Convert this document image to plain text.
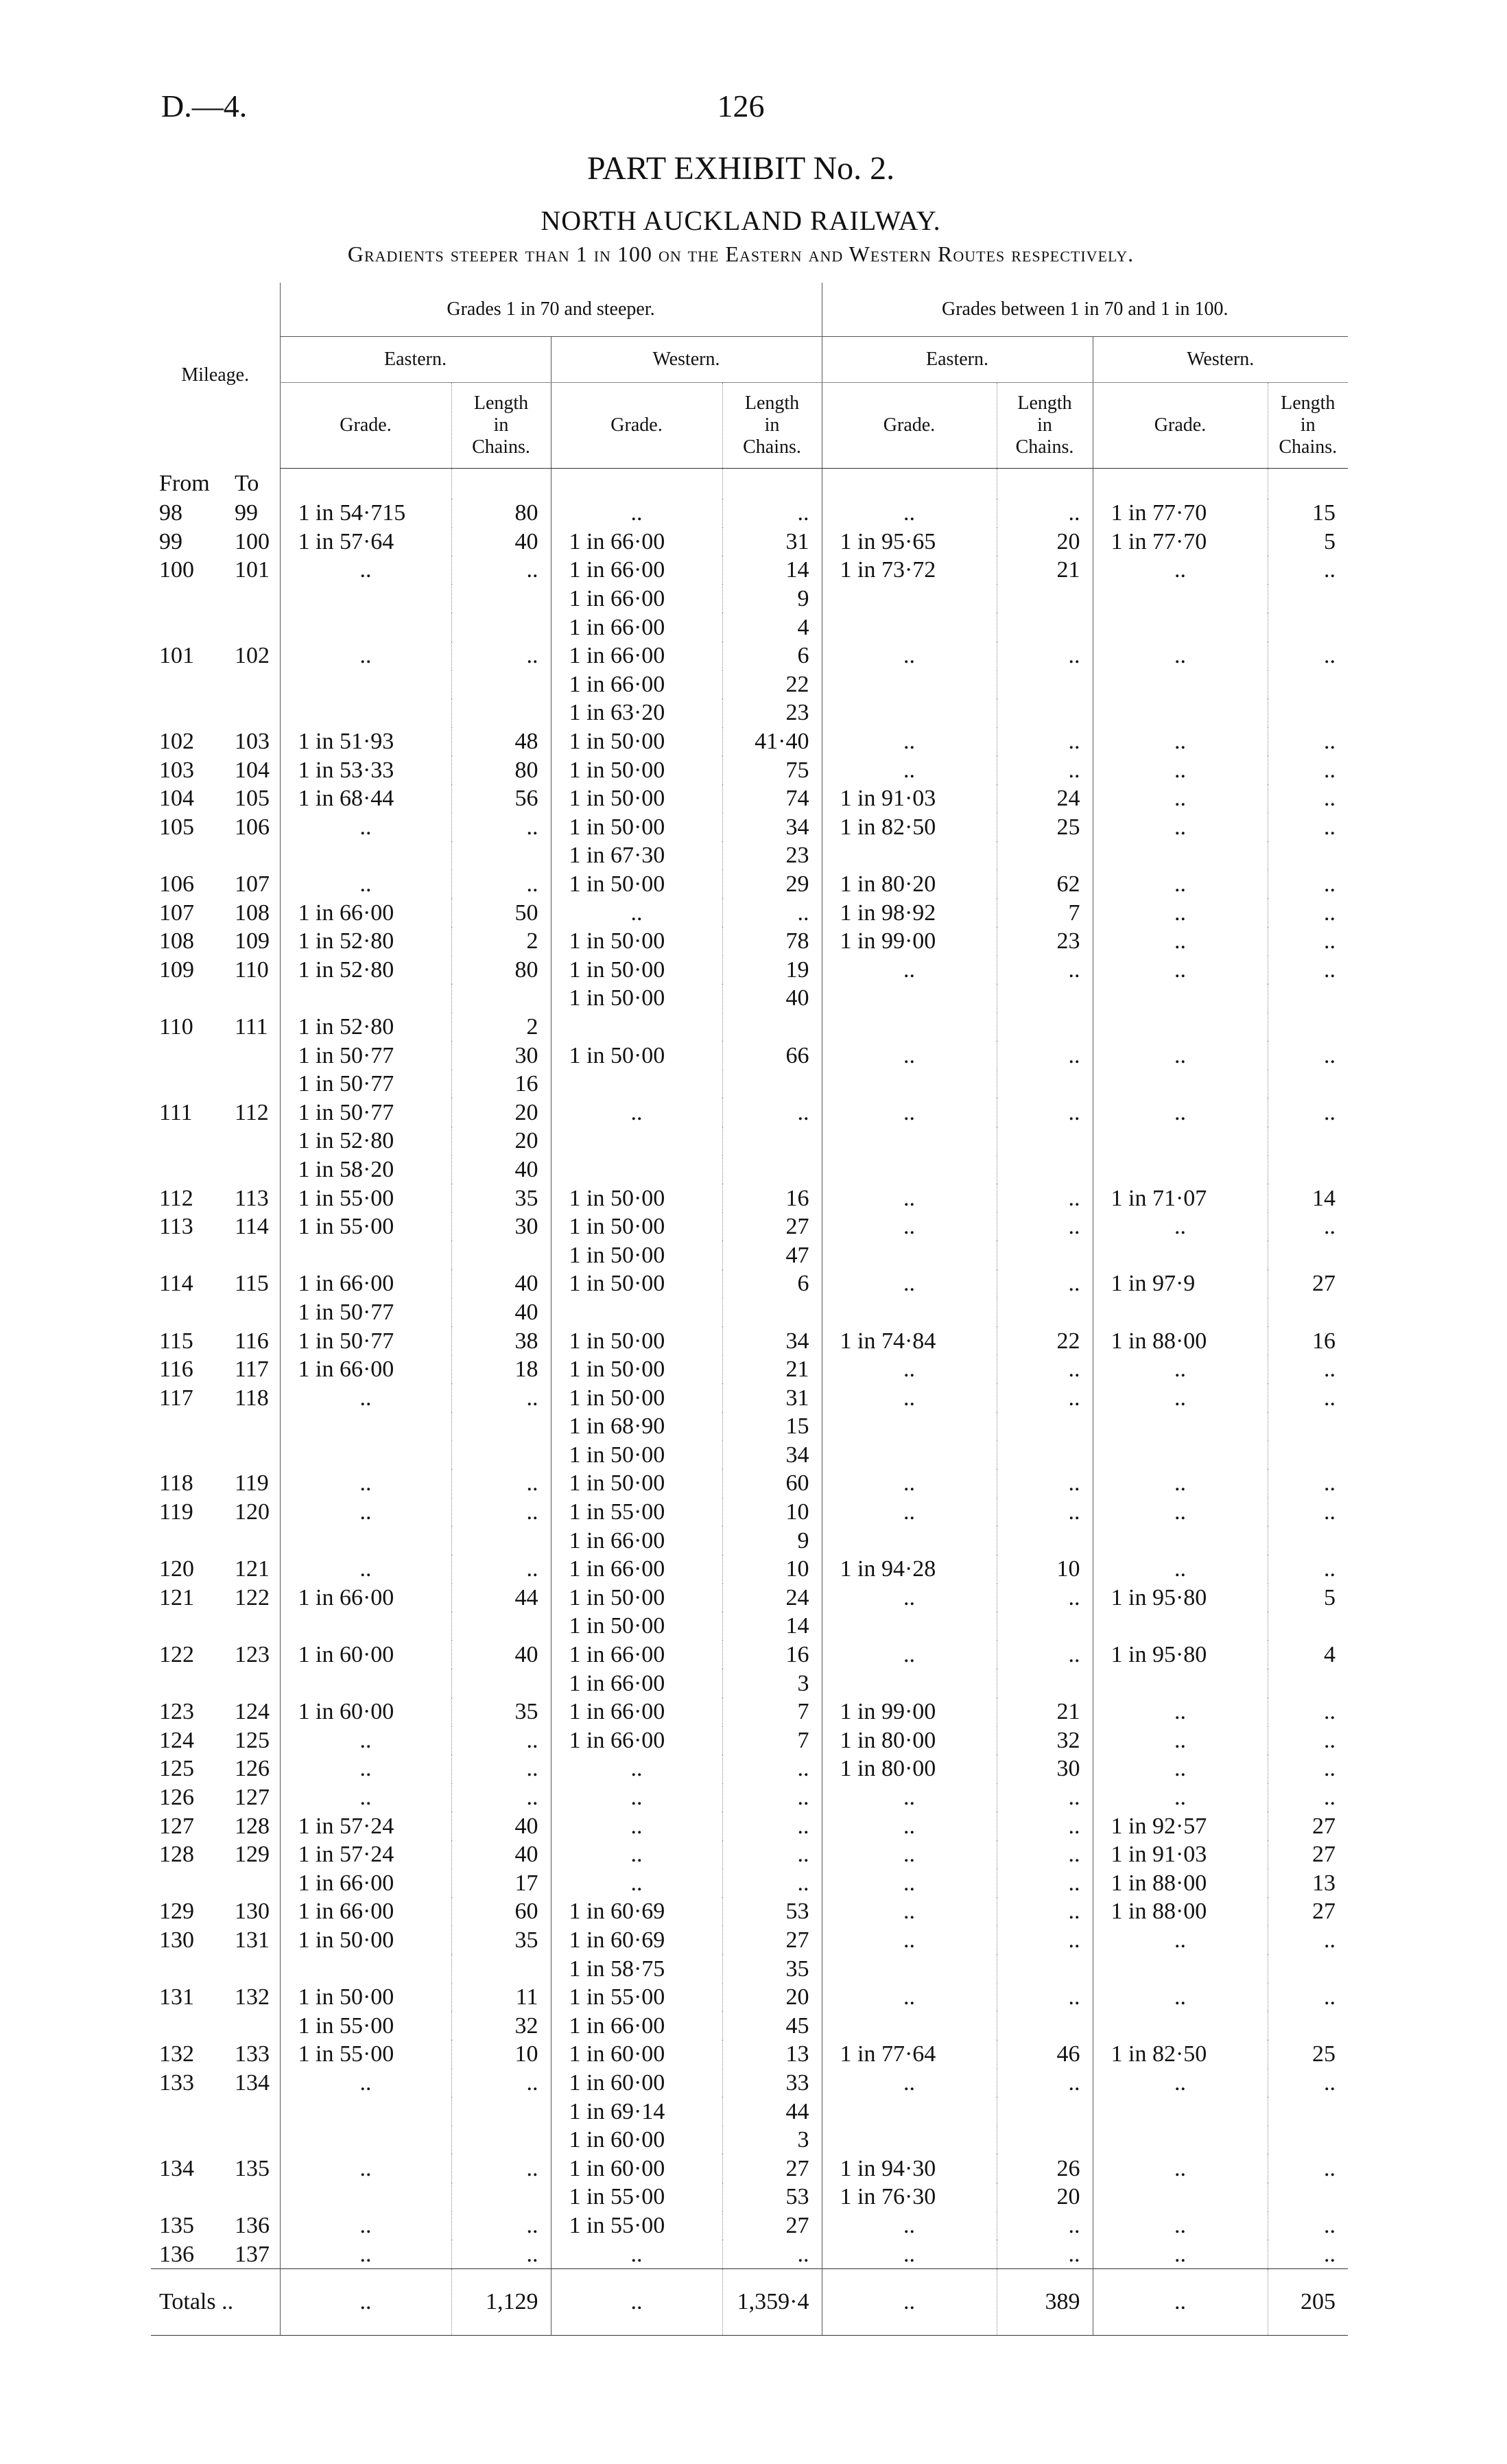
D.—4.	126
PART EXHIBIT No. 2.
NORTH AUCKLAND RAILWAY.
Gradients steeper than 1 in 100 on the Eastern and Western Routes respectively.
Mileage.	Grades 1 in 70 and steeper.				Grades between 1 in 70 and 1 in 100.			
	Eastern.		Western.		Eastern.		Western.	
	Grade.	Length
in
Chains.	Grade.	Length
in
Chains.	Grade.	Length
in
Chains.	Grade.	Length
in
Chains.
From To								
98 99	1 in 54·715	80	..	..	..	..	1 in 77·70	15
99 100	1 in 57·64	40	1 in 66·00	31	1 in 95·65	20	1 in 77·70	5
100 101	..	..	1 in 66·00	14	1 in 73·72	21	..	..
			1 in 66·00	9				
			1 in 66·00	4				
101 102	..	..	1 in 66·00	6	..	..	..	..
			1 in 66·00	22				
			1 in 63·20	23				
102 103	1 in 51·93	48	1 in 50·00	41·40	..	..	..	..
103 104	1 in 53·33	80	1 in 50·00	75	..	..	..	..
104 105	1 in 68·44	56	1 in 50·00	74	1 in 91·03	24	..	..
105 106	..	..	1 in 50·00	34	1 in 82·50	25	..	..
			1 in 67·30	23				
106 107	..	..	1 in 50·00	29	1 in 80·20	62	..	..
107 108	1 in 66·00	50	..	..	1 in 98·92	7	..	..
108 109	1 in 52·80	2	1 in 50·00	78	1 in 99·00	23	..	..
109 110	1 in 52·80	80	1 in 50·00	19	..	..	..	..
			1 in 50·00	40				
110 111	1 in 52·80	2						
	1 in 50·77	30	1 in 50·00	66	..	..	..	..
	1 in 50·77	16						
111 112	1 in 50·77	20	..	..	..	..	..	..
	1 in 52·80	20						
	1 in 58·20	40						
112 113	1 in 55·00	35	1 in 50·00	16	..	..	1 in 71·07	14
113 114	1 in 55·00	30	1 in 50·00	27	..	..	..	..
			1 in 50·00	47				
114 115	1 in 66·00	40	1 in 50·00	6	..	..	1 in 97·9	27
	1 in 50·77	40						
115 116	1 in 50·77	38	1 in 50·00	34	1 in 74·84	22	1 in 88·00	16
116 117	1 in 66·00	18	1 in 50·00	21	..	..	..	..
117 118	..	..	1 in 50·00	31	..	..	..	..
			1 in 68·90	15				
			1 in 50·00	34				
118 119	..	..	1 in 50·00	60	..	..	..	..
119 120	..	..	1 in 55·00	10	..	..	..	..
			1 in 66·00	9				
120 121	..	..	1 in 66·00	10	1 in 94·28	10	..	..
121 122	1 in 66·00	44	1 in 50·00	24	..	..	1 in 95·80	5
			1 in 50·00	14				
122 123	1 in 60·00	40	1 in 66·00	16	..	..	1 in 95·80	4
			1 in 66·00	3				
123 124	1 in 60·00	35	1 in 66·00	7	1 in 99·00	21	..	..
124 125	..	..	1 in 66·00	7	1 in 80·00	32	..	..
125 126	..	..	..	..	1 in 80·00	30	..	..
126 127	..	..	..	..	..	..	..	..
127 128	1 in 57·24	40	..	..	..	..	1 in 92·57	27
128 129	1 in 57·24	40	..	..	..	..	1 in 91·03	27
	1 in 66·00	17	..	..	..	..	1 in 88·00	13
129 130	1 in 66·00	60	1 in 60·69	53	..	..	1 in 88·00	27
130 131	1 in 50·00	35	1 in 60·69	27	..	..	..	..
			1 in 58·75	35				
131 132	1 in 50·00	11	1 in 55·00	20	..	..	..	..
	1 in 55·00	32	1 in 66·00	45				
132 133	1 in 55·00	10	1 in 60·00	13	1 in 77·64	46	1 in 82·50	25
133 134	..	..	1 in 60·00	33	..	..	..	..
			1 in 69·14	44				
			1 in 60·00	3				
134 135	..	..	1 in 60·00	27	1 in 94·30	26	..	..
			1 in 55·00	53	1 in 76·30	20		
135 136	..	..	1 in 55·00	27	..	..	..	..
136 137	..	..	..	..	..	..	..	..
Totals ..	..	1,129	..	1,359·4	..	389	..	205
